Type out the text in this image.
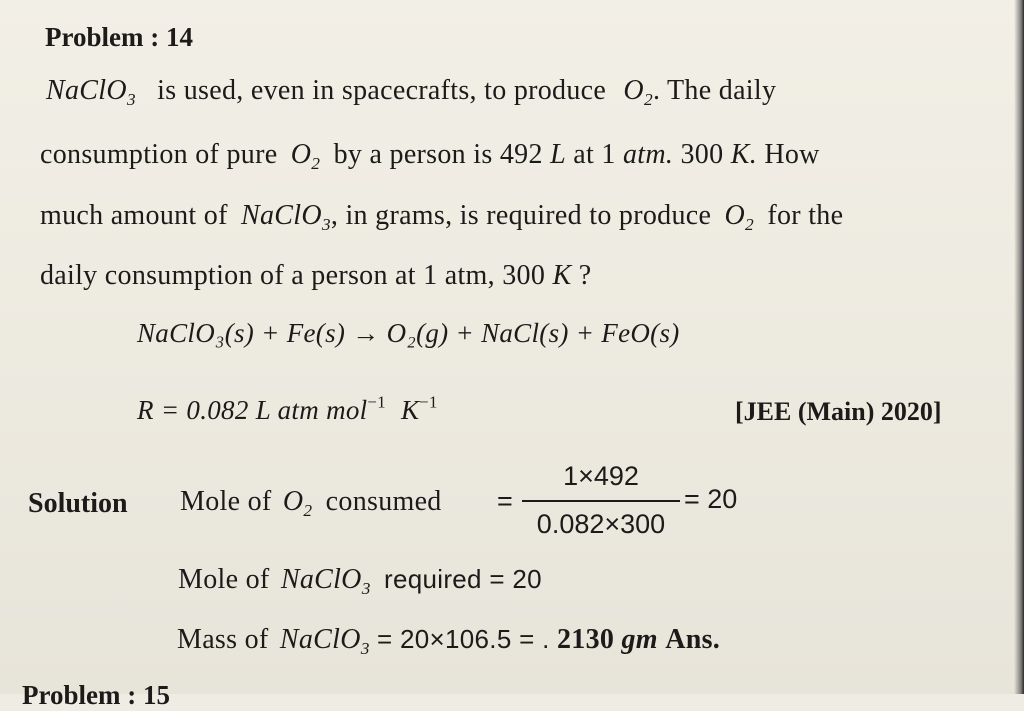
Problem : 14
NaClO$_3$ is used, even in spacecrafts, to produce $O_2$. The daily
consumption of pure $O_2$ by a person is 492 L at 1 atm. 300 K. How
much amount of NaClO$_3$, in grams, is required to produce $O_2$ for the
daily consumption of a person at 1 atm, 300 K ?
NaClO₃(s) + Fe(s) → O₂(g) + NaCl(s) + FeO(s)
R = 0.082 L atm mol$^{-1}$ $K^{-1}$	[JEE (Main) 2020]
Solution Mole of $O_2$ consumed =
1×492
0.082×300
= 20
Mole of NaClO$_3$ required = 20
Mass of NaClO$_3$ = 20×106.5 = . 2130 gm Ans.
Problem : 15
